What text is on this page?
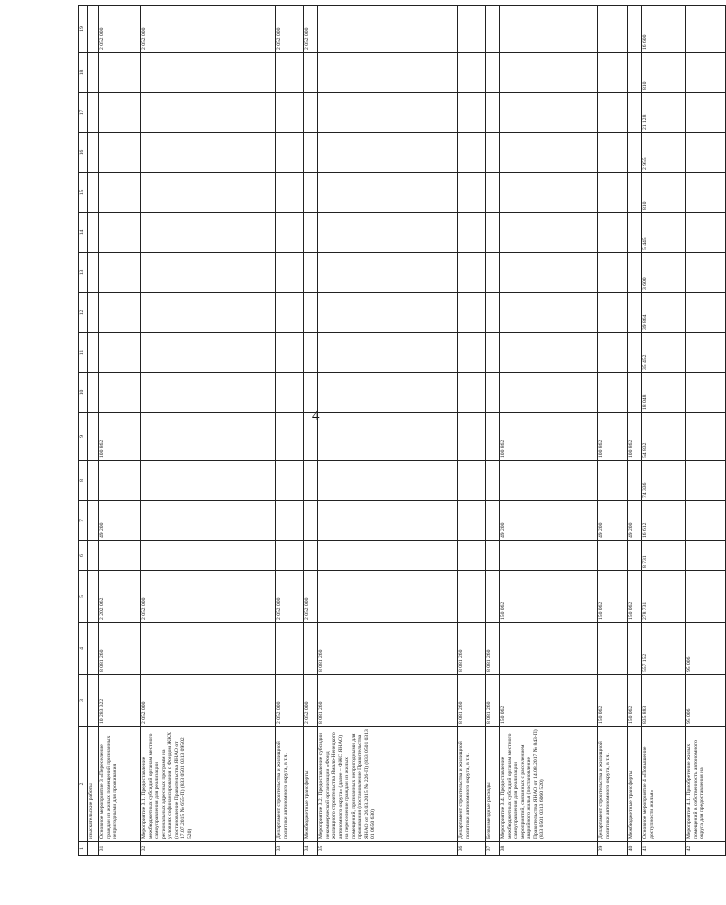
4
1	2	3	4	5	6	7	8	9	10	11	12	13	14	15	16	17	18	19
	изыскательские работы																	
31	Основное мероприятие 3 «Переселение граждан из жилых помещений признанных непригодными для проживания	10 283 322	8 081 260	2 202 062		49 200		100 862										2 052 000
32	Мероприятие 3.1. Предоставление межбюджетных субсидий органам местного самоуправления для реализации региональных адресных программ на условиях софинансирования с Фондом ЖКХ (постановление Правительства ЯНАО от 17.07.2015 № 655-П) (833 0501 0313 09502 520)	2 052 000		2 052 000														2 052 000
33	Департамент строительства и жилищной политики автономного округа, в т.ч.	2 052 000		2 052 000														2 052 000
34	Межбюджетные трансферты	2 052 000		2 052 000														2 052 000
35	Мероприятие 3.2. Предоставление субсидии некоммерческой организации «Фонд жилищного строительства Ямало-Ненецкого автономного округа» (далее – ФЖС ЯНАО) на переселение граждан из жилых помещений, признанных непригодными для проживания (постановление Правительства ЯНАО от 26.03.2015 № 226-П) (833 0501 0313 01 0650 630)	8 081 260	8 081 260															
36	Департамент строительства и жилищной политики автономного округа, в т.ч.	8 081 260	8 081 260															
37	Безвозмездные расходы	8 081 260	8 081 260															
38	Мероприятие 3.4. Предоставление межбюджетных субсидий органам местного самоуправления для реализации мероприятий, связанных с расселением аварийного жилья (постановление Правительства ЯНАО от 14.08.2017 № 843-П) (833 0501 0313 6060 520)	150 062		150 062		49 200		100 862										
39	Департамент строительства и жилищной политики автономного округа, в т.ч.	150 062		150 062		49 200		100 862										
40	Межбюджетные трансферты	150 062		150 062		49 200		100 862										
41	Основное мероприятие 4 «Повышение доступности жилья»	835 883	557 152	278 731	8 731	16 612	74 336	54 832	18 048	35 452	39 864	3 600	5 445	810	2 955	21 128	810	16 600
42	Мероприятие 4.1. Приобретение жилых помещений в собственность автономного округа для предоставления на	95 006	95 006															
